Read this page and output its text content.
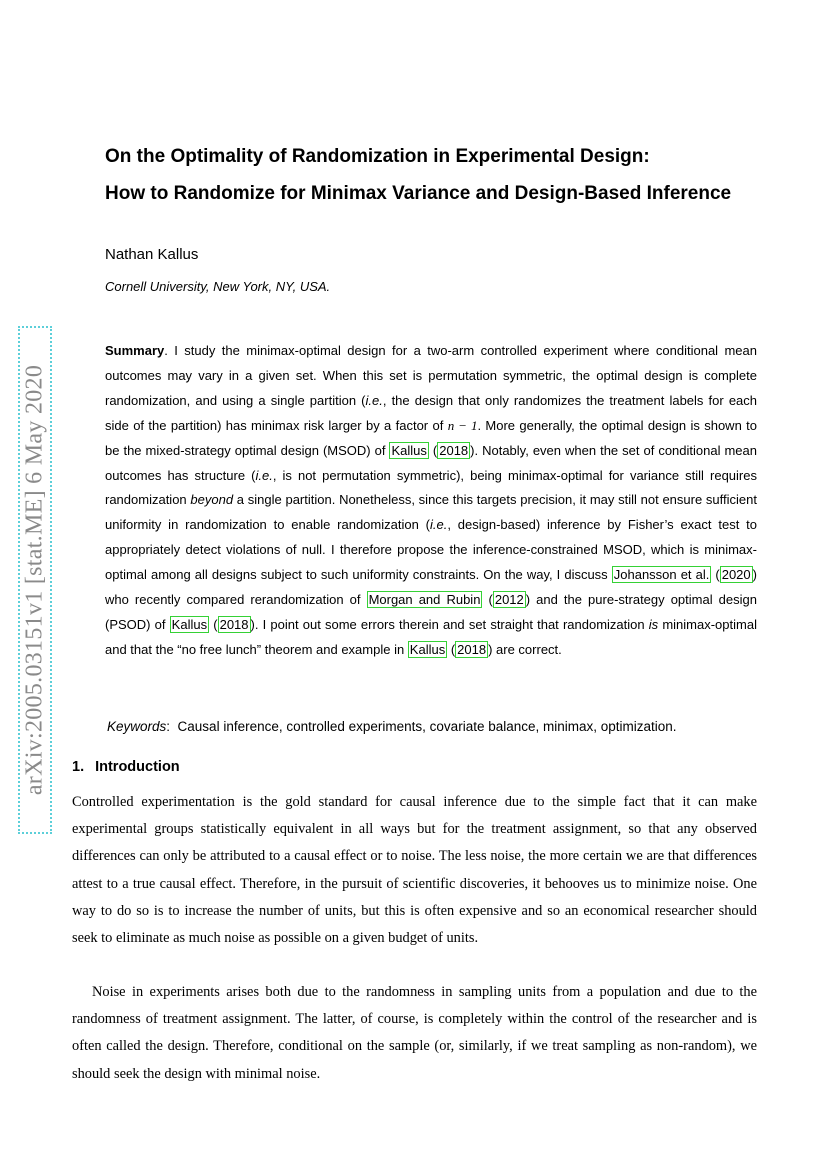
arXiv:2005.03151v1 [stat.ME] 6 May 2020
On the Optimality of Randomization in Experimental Design:
How to Randomize for Minimax Variance and Design-Based Inference
Nathan Kallus
Cornell University, New York, NY, USA.
Summary. I study the minimax-optimal design for a two-arm controlled experiment where conditional mean outcomes may vary in a given set. When this set is permutation symmetric, the optimal design is complete randomization, and using a single partition (i.e., the design that only randomizes the treatment labels for each side of the partition) has minimax risk larger by a factor of n − 1. More generally, the optimal design is shown to be the mixed-strategy optimal design (MSOD) of Kallus ( 2018 ). Notably, even when the set of conditional mean outcomes has structure (i.e., is not permutation symmetric), being minimax-optimal for variance still requires randomization beyond a single partition. Nonetheless, since this targets precision, it may still not ensure sufficient uniformity in randomization to enable randomization (i.e., design-based) inference by Fisher’s exact test to appropriately detect violations of null. I therefore propose the inference-constrained MSOD, which is minimax-optimal among all designs subject to such uniformity constraints. On the way, I discuss Johansson et al. ( 2020 ) who recently compared rerandomization of Morgan and Rubin ( 2012 ) and the pure-strategy optimal design (PSOD) of Kallus ( 2018 ). I point out some errors therein and set straight that randomization is minimax-optimal and that the “no free lunch” theorem and example in Kallus ( 2018 ) are correct.
Keywords:  Causal inference, controlled experiments, covariate balance, minimax, optimization.
1. Introduction
Controlled experimentation is the gold standard for causal inference due to the simple fact that it can make experimental groups statistically equivalent in all ways but for the treatment assignment, so that any observed differences can only be attributed to a causal effect or to noise. The less noise, the more certain we are that differences attest to a true causal effect. Therefore, in the pursuit of scientific discoveries, it behooves us to minimize noise. One way to do so is to increase the number of units, but this is often expensive and so an economical researcher should seek to eliminate as much noise as possible on a given budget of units.
Noise in experiments arises both due to the randomness in sampling units from a population and due to the randomness of treatment assignment. The latter, of course, is completely within the control of the researcher and is often called the design. Therefore, conditional on the sample (or, similarly, if we treat sampling as non-random), we should seek the design with minimal noise.
